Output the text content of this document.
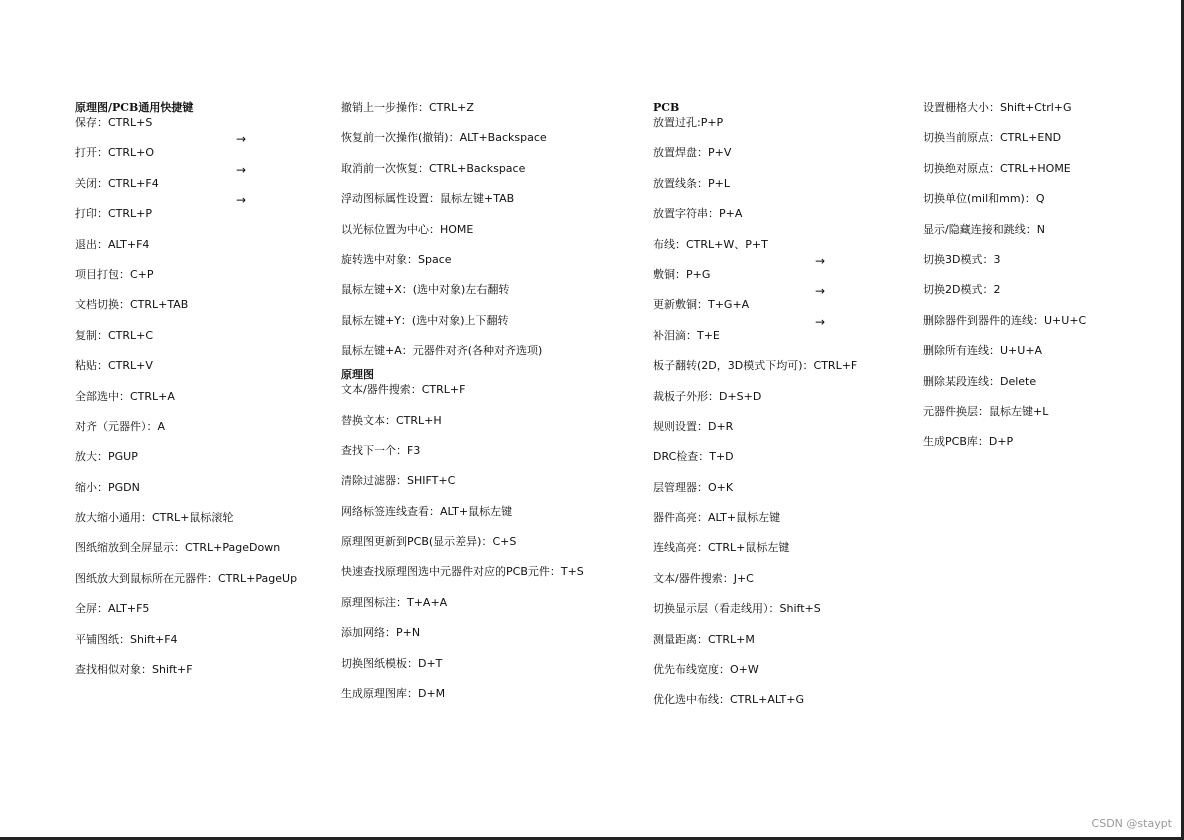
原理图/PCB通用快捷键
保存：CTRL+S
打开：CTRL+O
关闭：CTRL+F4
打印：CTRL+P
退出：ALT+F4
项目打包：C+P
文档切换：CTRL+TAB
复制：CTRL+C
粘贴：CTRL+V
全部选中：CTRL+A
对齐（元器件）：A
放大：PGUP
缩小：PGDN
放大缩小通用：CTRL+鼠标滚轮
图纸缩放到全屏显示：CTRL+PageDown
图纸放大到鼠标所在元器件：CTRL+PageUp
全屏：ALT+F5
平铺图纸：Shift+F4
查找相似对象：Shift+F
撤销上一步操作：CTRL+Z
恢复前一次操作(撤销)：ALT+Backspace
取消前一次恢复：CTRL+Backspace
浮动图标属性设置：鼠标左键+TAB
以光标位置为中心：HOME
旋转选中对象：Space
鼠标左键+X：(选中对象)左右翻转
鼠标左键+Y：(选中对象)上下翻转
鼠标左键+A：元器件对齐(各种对齐选项)
原理图
文本/器件搜索：CTRL+F
替换文本：CTRL+H
查找下一个：F3
清除过滤器：SHIFT+C
网络标签连线查看：ALT+鼠标左键
原理图更新到PCB(显示差异)：C+S
快速查找原理图选中元器件对应的PCB元件：T+S
原理图标注：T+A+A
添加网络：P+N
切换图纸模板：D+T
生成原理图库：D+M
PCB
放置过孔:P+P
放置焊盘：P+V
放置线条：P+L
放置字符串：P+A
布线：CTRL+W、P+T
敷铜：P+G
更新敷铜：T+G+A
补泪滴：T+E
板子翻转(2D，3D模式下均可)：CTRL+F
裁板子外形：D+S+D
规则设置：D+R
DRC检查：T+D
层管理器：O+K
器件高亮：ALT+鼠标左键
连线高亮：CTRL+鼠标左键
文本/器件搜索：J+C
切换显示层（看走线用）：Shift+S
测量距离：CTRL+M
优先布线宽度：O+W
优化选中布线：CTRL+ALT+G
设置栅格大小：Shift+Ctrl+G
切换当前原点：CTRL+END
切换绝对原点：CTRL+HOME
切换单位(mil和mm)：Q
显示/隐藏连接和跳线：N
切换3D模式：3
切换2D模式：2
删除器件到器件的连线：U+U+C
删除所有连线：U+U+A
删除某段连线：Delete
元器件换层：鼠标左键+L
生成PCB库：D+P
→
→
→
→
→
→
CSDN @staypt
